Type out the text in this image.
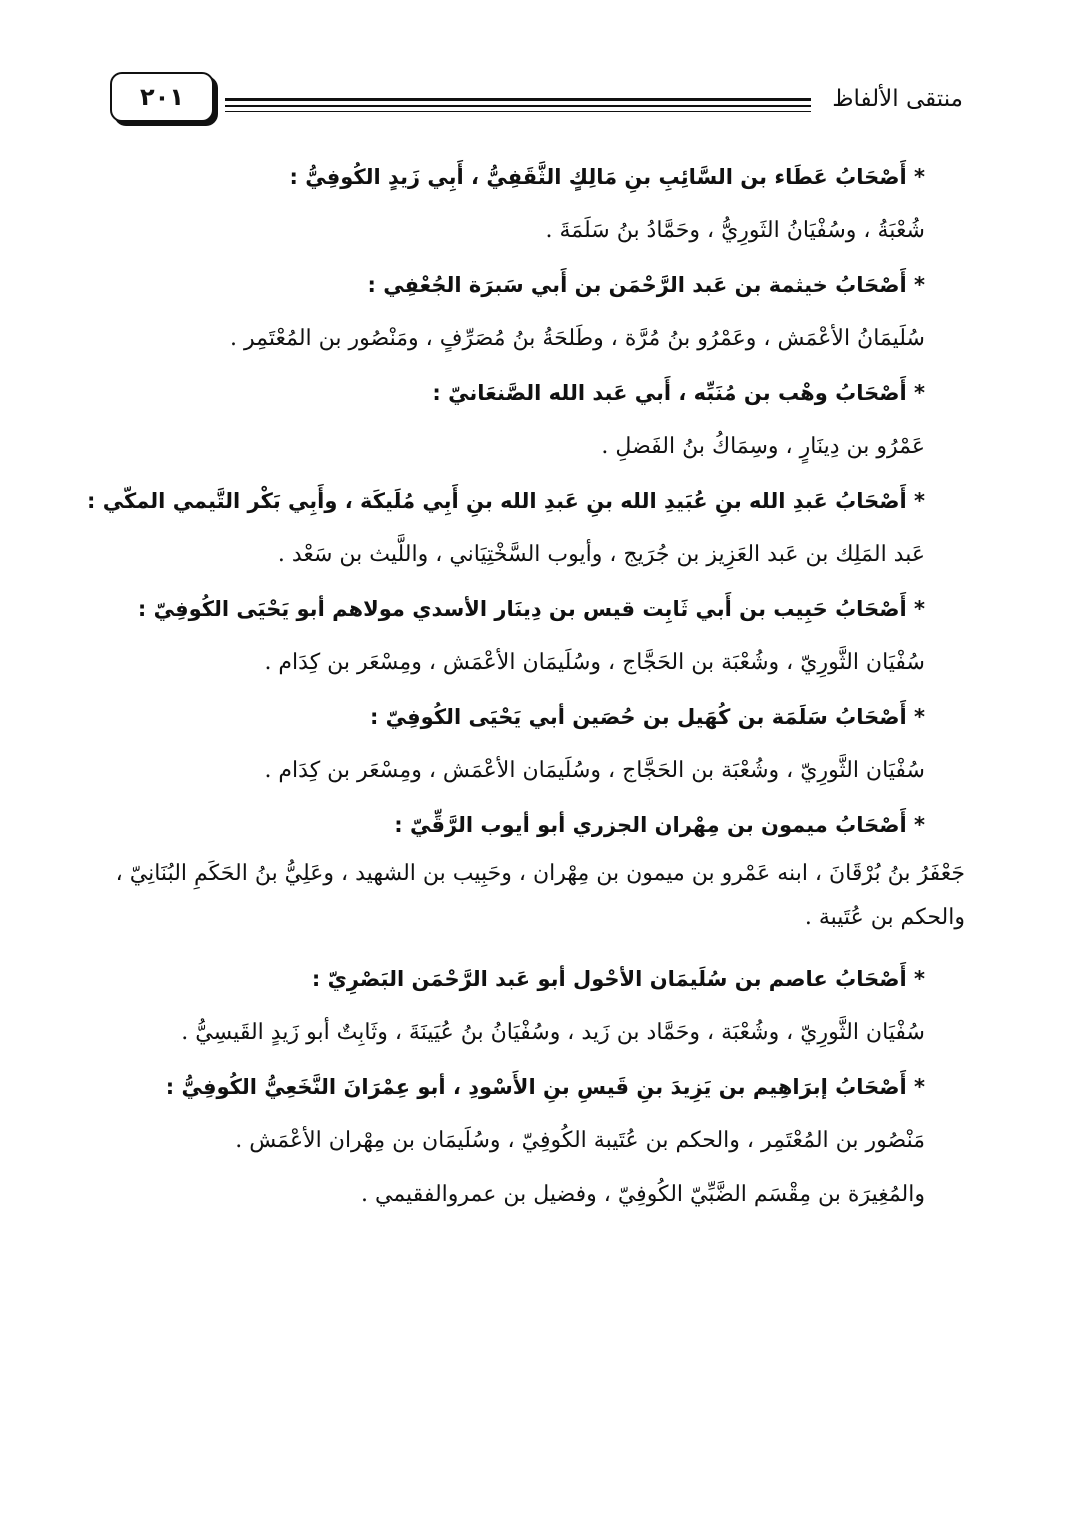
منتقى الألفاظ
٢٠١
* أَصْحَابُ عَطَاء بن السَّائِبِ بنِ مَالِكٍ الثَّقَفِيُّ ، أَبِي زَيدٍ الكُوفِيُّ :
شُعْبَةُ ، وسُفْيَانُ الثَورِيُّ ، وحَمَّادُ بنُ سَلَمَةَ .
* أَصْحَابُ خيثمة بن عَبد الرَّحْمَن بن أَبي سَبرَة الجُعْفِي :
سُلَيمَانُ الأعْمَش ، وعَمْرُو بنُ مُرَّة ، وطَلحَةُ بنُ مُصَرِّفٍ ، ومَنْصُور بن المُعْتَمِر .
* أَصْحَابُ وهْب بن مُنَبِّه ، أَبي عَبد الله الصَّنعَانيّ :
عَمْرُو بن دِينَارٍ ، وسِمَاكُ بنُ الفَضلِ .
* أَصْحَابُ عَبدِ الله بنِ عُبَيدِ الله بنِ عَبدِ الله بنِ أَبِي مُلَيكَة ، وأَبِي بَكْر التَّيمي المكّي :
عَبد المَلِك بن عَبد العَزِيز بن جُرَيج ، وأيوب السَّخْتِيَاني ، واللَّيث بن سَعْد .
* أَصْحَابُ حَبِيب بن أَبي ثَابِت قيس بن دِينَار الأسدي مولاهم أبو يَحْيَى الكُوفِيّ :
سُفْيَان الثَّورِيّ ، وشُعْبَة بن الحَجَّاج ، وسُلَيمَان الأعْمَش ، ومِسْعَر بن كِدَام .
* أَصْحَابُ سَلَمَة بن كُهَيل بن حُصَين أبي يَحْيَى الكُوفِيّ :
سُفْيَان الثَّورِيّ ، وشُعْبَة بن الحَجَّاج ، وسُلَيمَان الأعْمَش ، ومِسْعَر بن كِدَام .
* أَصْحَابُ ميمون بن مِهْران الجزري أبو أيوب الرَّقِّيّ :
جَعْفَرُ بنُ بُرْقَانَ ، ابنه عَمْرو بن ميمون بن مِهْران ، وحَبِيب بن الشهيد ، وعَلِيُّ بنُ الحَكَمِ البُنَانِيّ ، والحكم بن عُتَيبة .
* أَصْحَابُ عاصم بن سُلَيمَان الأحْول أبو عَبد الرَّحْمَن البَصْرِيّ :
سُفْيَان الثَّورِيّ ، وشُعْبَة ، وحَمَّاد بن زَيد ، وسُفْيَانُ بنُ عُيَينَةَ ، وثَابِتٌ أبو زَيدٍ القَيسِيُّ .
* أَصْحَابُ إبرَاهِيم بن يَزِيدَ بنِ قَيسِ بنِ الأَسْودِ ، أبو عِمْرَانَ النَّخَعِيُّ الكُوفِيُّ :
مَنْصُور بن المُعْتَمِر ، والحكم بن عُتَيبة الكُوفِيّ ، وسُلَيمَان بن مِهْران الأعْمَش .
والمُغِيرَة بن مِقْسَم الضَّبِّيّ الكُوفِيّ ، وفضيل بن عمروالفقيمي .
